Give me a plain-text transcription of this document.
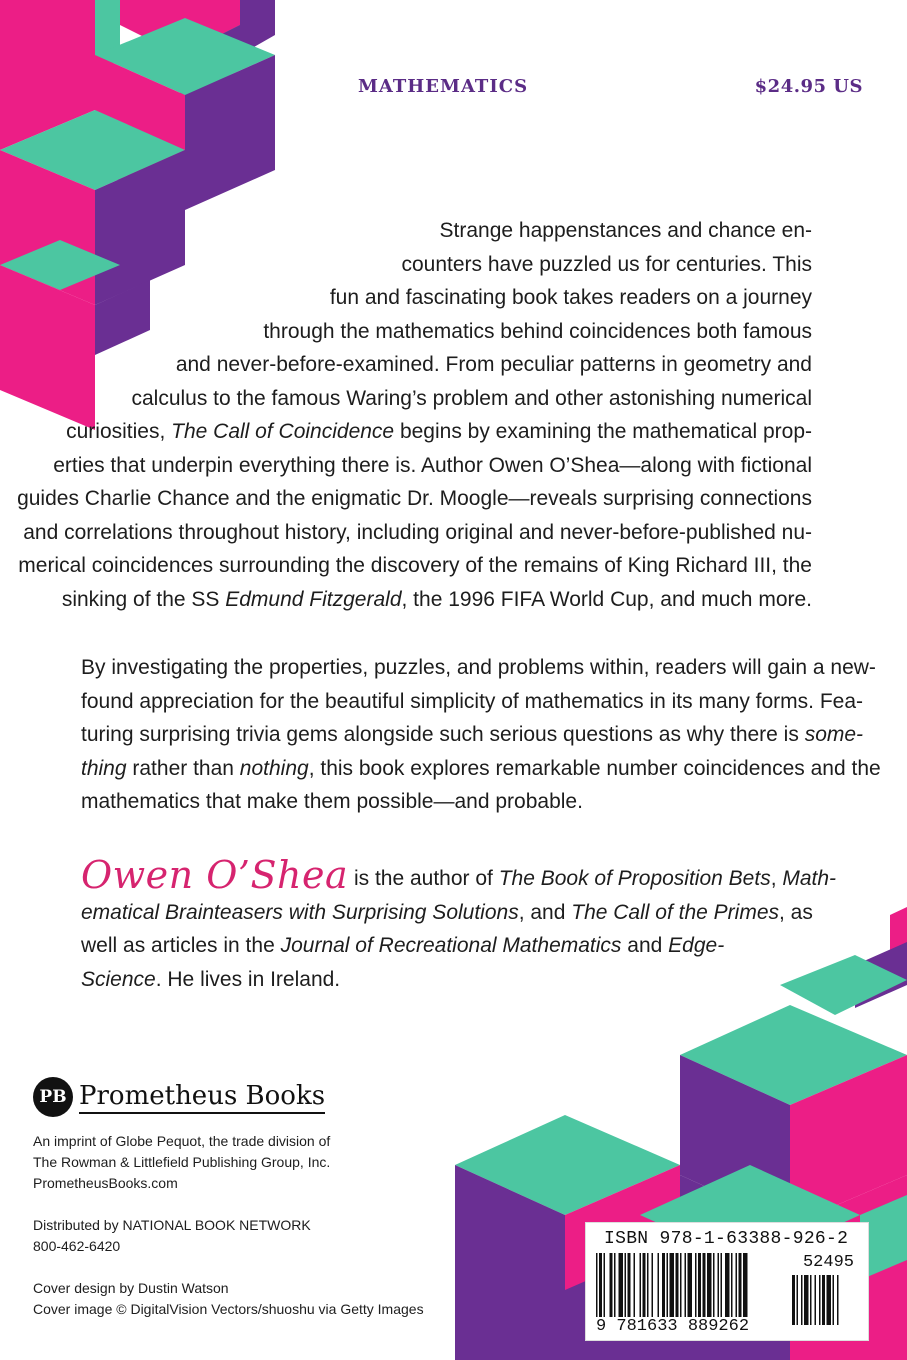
MATHEMATICS	$24.95 US
Strange happenstances and chance en-
counters have puzzled us for centuries. This
fun and fascinating book takes readers on a journey
through the mathematics behind coincidences both famous
and never-before-examined. From peculiar patterns in geometry and
calculus to the famous Waring’s problem and other astonishing numerical
curiosities, The Call of Coincidence begins by examining the mathematical prop-
erties that underpin everything there is. Author Owen O’Shea—along with fictional
guides Charlie Chance and the enigmatic Dr. Moogle—reveals surprising connections
and correlations throughout history, including original and never-before-published nu-
merical coincidences surrounding the discovery of the remains of King Richard III, the
sinking of the SS Edmund Fitzgerald, the 1996 FIFA World Cup, and much more.
By investigating the properties, puzzles, and problems within, readers will gain a new-
found appreciation for the beautiful simplicity of mathematics in its many forms. Fea-
turing surprising trivia gems alongside such serious questions as why there is some-
thing rather than nothing, this book explores remarkable number coincidences and the
mathematics that make them possible—and probable.
Owen O’Shea is the author of The Book of Proposition Bets, Math-
ematical Brainteasers with Surprising Solutions, and The Call of the Primes, as
well as articles in the Journal of Recreational Mathematics and Edge-
Science. He lives in Ireland.
PB Prometheus Books
An imprint of Globe Pequot, the trade division of
The Rowman & Littlefield Publishing Group, Inc.
PrometheusBooks.com
Distributed by NATIONAL BOOK NETWORK
800-462-6420
Cover design by Dustin Watson
Cover image © DigitalVision Vectors/shuoshu via Getty Images
ISBN 978-1-63388-926-2
52495
9 781633 889262
